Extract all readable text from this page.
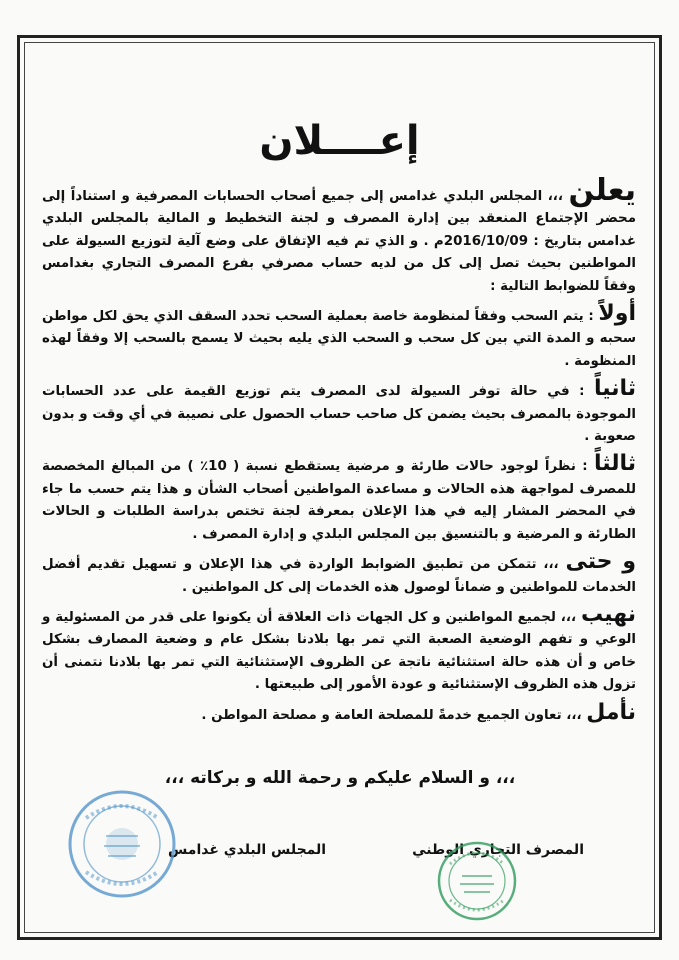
إعــــلان

يعلن ،،، المجلس البلدي غدامس إلى جميع أصحاب الحسابات المصرفية و استناداً إلى محضر الإجتماع المنعقد بين إدارة المصرف و لجنة التخطيط و المالية بالمجلس البلدي غدامس بتاريخ : 2016/10/09م . و الذي تم فيه الإتفاق على وضع آلية لتوزيع السيولة على المواطنين بحيث تصل إلى كل من لديه حساب مصرفي بفرع المصرف التجاري بغدامس وفقاً للضوابط التالية :

أولاً : يتم السحب وفقاً لمنظومة خاصة بعملية السحب تحدد السقف الذي يحق لكل مواطن سحبه و المدة التي بين كل سحب و السحب الذي يليه بحيث لا يسمح بالسحب إلا وفقاً لهذه المنظومة .

ثانياً : في حالة توفر السيولة لدى المصرف يتم توزيع القيمة على عدد الحسابات الموجودة بالمصرف بحيث يضمن كل صاحب حساب الحصول على نصيبة في أي وقت و بدون صعوبة .

ثالثاً : نظراً لوجود حالات طارئة و مرضية يستقطع نسبة ( 10٪ ) من المبالغ المخصصة للمصرف لمواجهة هذه الحالات و مساعدة المواطنين أصحاب الشأن و هذا يتم حسب ما جاء في المحضر المشار إليه في هذا الإعلان بمعرفة لجنة تختص بدراسة الطلبات و الحالات الطارئة و المرضية و بالتنسيق بين المجلس البلدي و إدارة المصرف .

و حتى ،،، تتمكن من تطبيق الضوابط الواردة في هذا الإعلان و تسهيل تقديم أفضل الخدمات للمواطنين و ضماناً لوصول هذه الخدمات إلى كل المواطنين .

نهيب ،،، لجميع المواطنين و كل الجهات ذات العلاقة أن يكونوا على قدر من المسئولية و الوعي و تفهم الوضعية الصعبة التي تمر بها بلادنا بشكل عام و وضعية المصارف بشكل خاص و أن هذه حالة استثنائية ناتجة عن الظروف الإستثنائية التي تمر بها بلادنا نتمنى أن تزول هذه الظروف الإستثنائية و عودة الأمور إلى طبيعتها .

نأمل ،،، تعاون الجميع خدمةً للمصلحة العامة و مصلحة المواطن .

،،، و السلام عليكم و رحمة الله و بركاته ،،،
المصرف التجاري الوطني
المجلس البلدي غدامس
